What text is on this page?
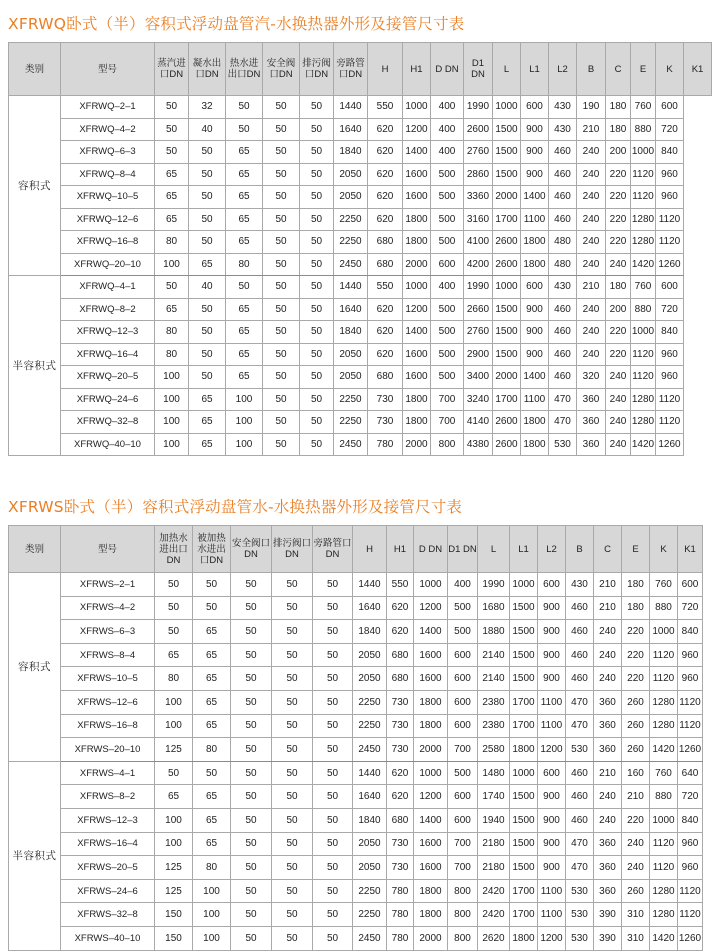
XFRWQ卧式（半）容积式浮动盘管汽-水换热器外形及接管尺寸表
类别	型号	蒸汽进口DN	凝水出口DN	热水进出口DN	安全阀口DN	排污阀口DN	旁路管口DN	H	H1	D DN	D1 DN	L	L1	L2	B	C	E	K	K1
容积式	XFRWQ–2–1	50	32	50	50	50	1440	550	1000	400	1990	1000	600	430	190	180	760	600	
	XFRWQ–4–2	50	40	50	50	50	1640	620	1200	400	2600	1500	900	430	210	180	880	720	
	XFRWQ–6–3	50	50	65	50	50	1840	620	1400	400	2760	1500	900	460	240	200	1000	840	
	XFRWQ–8–4	65	50	65	50	50	2050	620	1600	500	2860	1500	900	460	240	220	1120	960	
	XFRWQ–10–5	65	50	65	50	50	2050	620	1600	500	3360	2000	1400	460	240	220	1120	960	
	XFRWQ–12–6	65	50	65	50	50	2250	620	1800	500	3160	1700	1100	460	240	220	1280	1120	
	XFRWQ–16–8	80	50	65	50	50	2250	680	1800	500	4100	2600	1800	480	240	220	1280	1120	
	XFRWQ–20–10	100	65	80	50	50	2450	680	2000	600	4200	2600	1800	480	240	240	1420	1260	
半容积式	XFRWQ–4–1	50	40	50	50	50	1440	550	1000	400	1990	1000	600	430	210	180	760	600	
	XFRWQ–8–2	65	50	65	50	50	1640	620	1200	500	2660	1500	900	460	240	200	880	720	
	XFRWQ–12–3	80	50	65	50	50	1840	620	1400	500	2760	1500	900	460	240	220	1000	840	
	XFRWQ–16–4	80	50	65	50	50	2050	620	1600	500	2900	1500	900	460	240	220	1120	960	
	XFRWQ–20–5	100	50	65	50	50	2050	680	1600	500	3400	2000	1400	460	320	240	1120	960	
	XFRWQ–24–6	100	65	100	50	50	2250	730	1800	700	3240	1700	1100	470	360	240	1280	1120	
	XFRWQ–32–8	100	65	100	50	50	2250	730	1800	700	4140	2600	1800	470	360	240	1280	1120	
	XFRWQ–40–10	100	65	100	50	50	2450	780	2000	800	4380	2600	1800	530	360	240	1420	1260	
XFRWS卧式（半）容积式浮动盘管水-水换热器外形及接管尺寸表
类别	型号	加热水进出口DN	被加热水进出口DN	安全阀口DN	排污阀口DN	旁路管口DN	H	H1	D DN	D1 DN	L	L1	L2	B	C	E	K	K1
容积式	XFRWS–2–1	50	50	50	50	50	1440	550	1000	400	1990	1000	600	430	210	180	760	600
	XFRWS–4–2	50	50	50	50	50	1640	620	1200	500	1680	1500	900	460	210	180	880	720
	XFRWS–6–3	50	65	50	50	50	1840	620	1400	500	1880	1500	900	460	240	220	1000	840
	XFRWS–8–4	65	65	50	50	50	2050	680	1600	600	2140	1500	900	460	240	220	1120	960
	XFRWS–10–5	80	65	50	50	50	2050	680	1600	600	2140	1500	900	460	240	220	1120	960
	XFRWS–12–6	100	65	50	50	50	2250	730	1800	600	2380	1700	1100	470	360	260	1280	1120
	XFRWS–16–8	100	65	50	50	50	2250	730	1800	600	2380	1700	1100	470	360	260	1280	1120
	XFRWS–20–10	125	80	50	50	50	2450	730	2000	700	2580	1800	1200	530	360	260	1420	1260
半容积式	XFRWS–4–1	50	50	50	50	50	1440	620	1000	500	1480	1000	600	460	210	160	760	640
	XFRWS–8–2	65	65	50	50	50	1640	620	1200	600	1740	1500	900	460	240	210	880	720
	XFRWS–12–3	100	65	50	50	50	1840	680	1400	600	1940	1500	900	460	240	220	1000	840
	XFRWS–16–4	100	65	50	50	50	2050	730	1600	700	2180	1500	900	470	360	240	1120	960
	XFRWS–20–5	125	80	50	50	50	2050	730	1600	700	2180	1500	900	470	360	240	1120	960
	XFRWS–24–6	125	100	50	50	50	2250	780	1800	800	2420	1700	1100	530	360	260	1280	1120
	XFRWS–32–8	150	100	50	50	50	2250	780	1800	800	2420	1700	1100	530	390	310	1280	1120
	XFRWS–40–10	150	100	50	50	50	2450	780	2000	800	2620	1800	1200	530	390	310	1420	1260
